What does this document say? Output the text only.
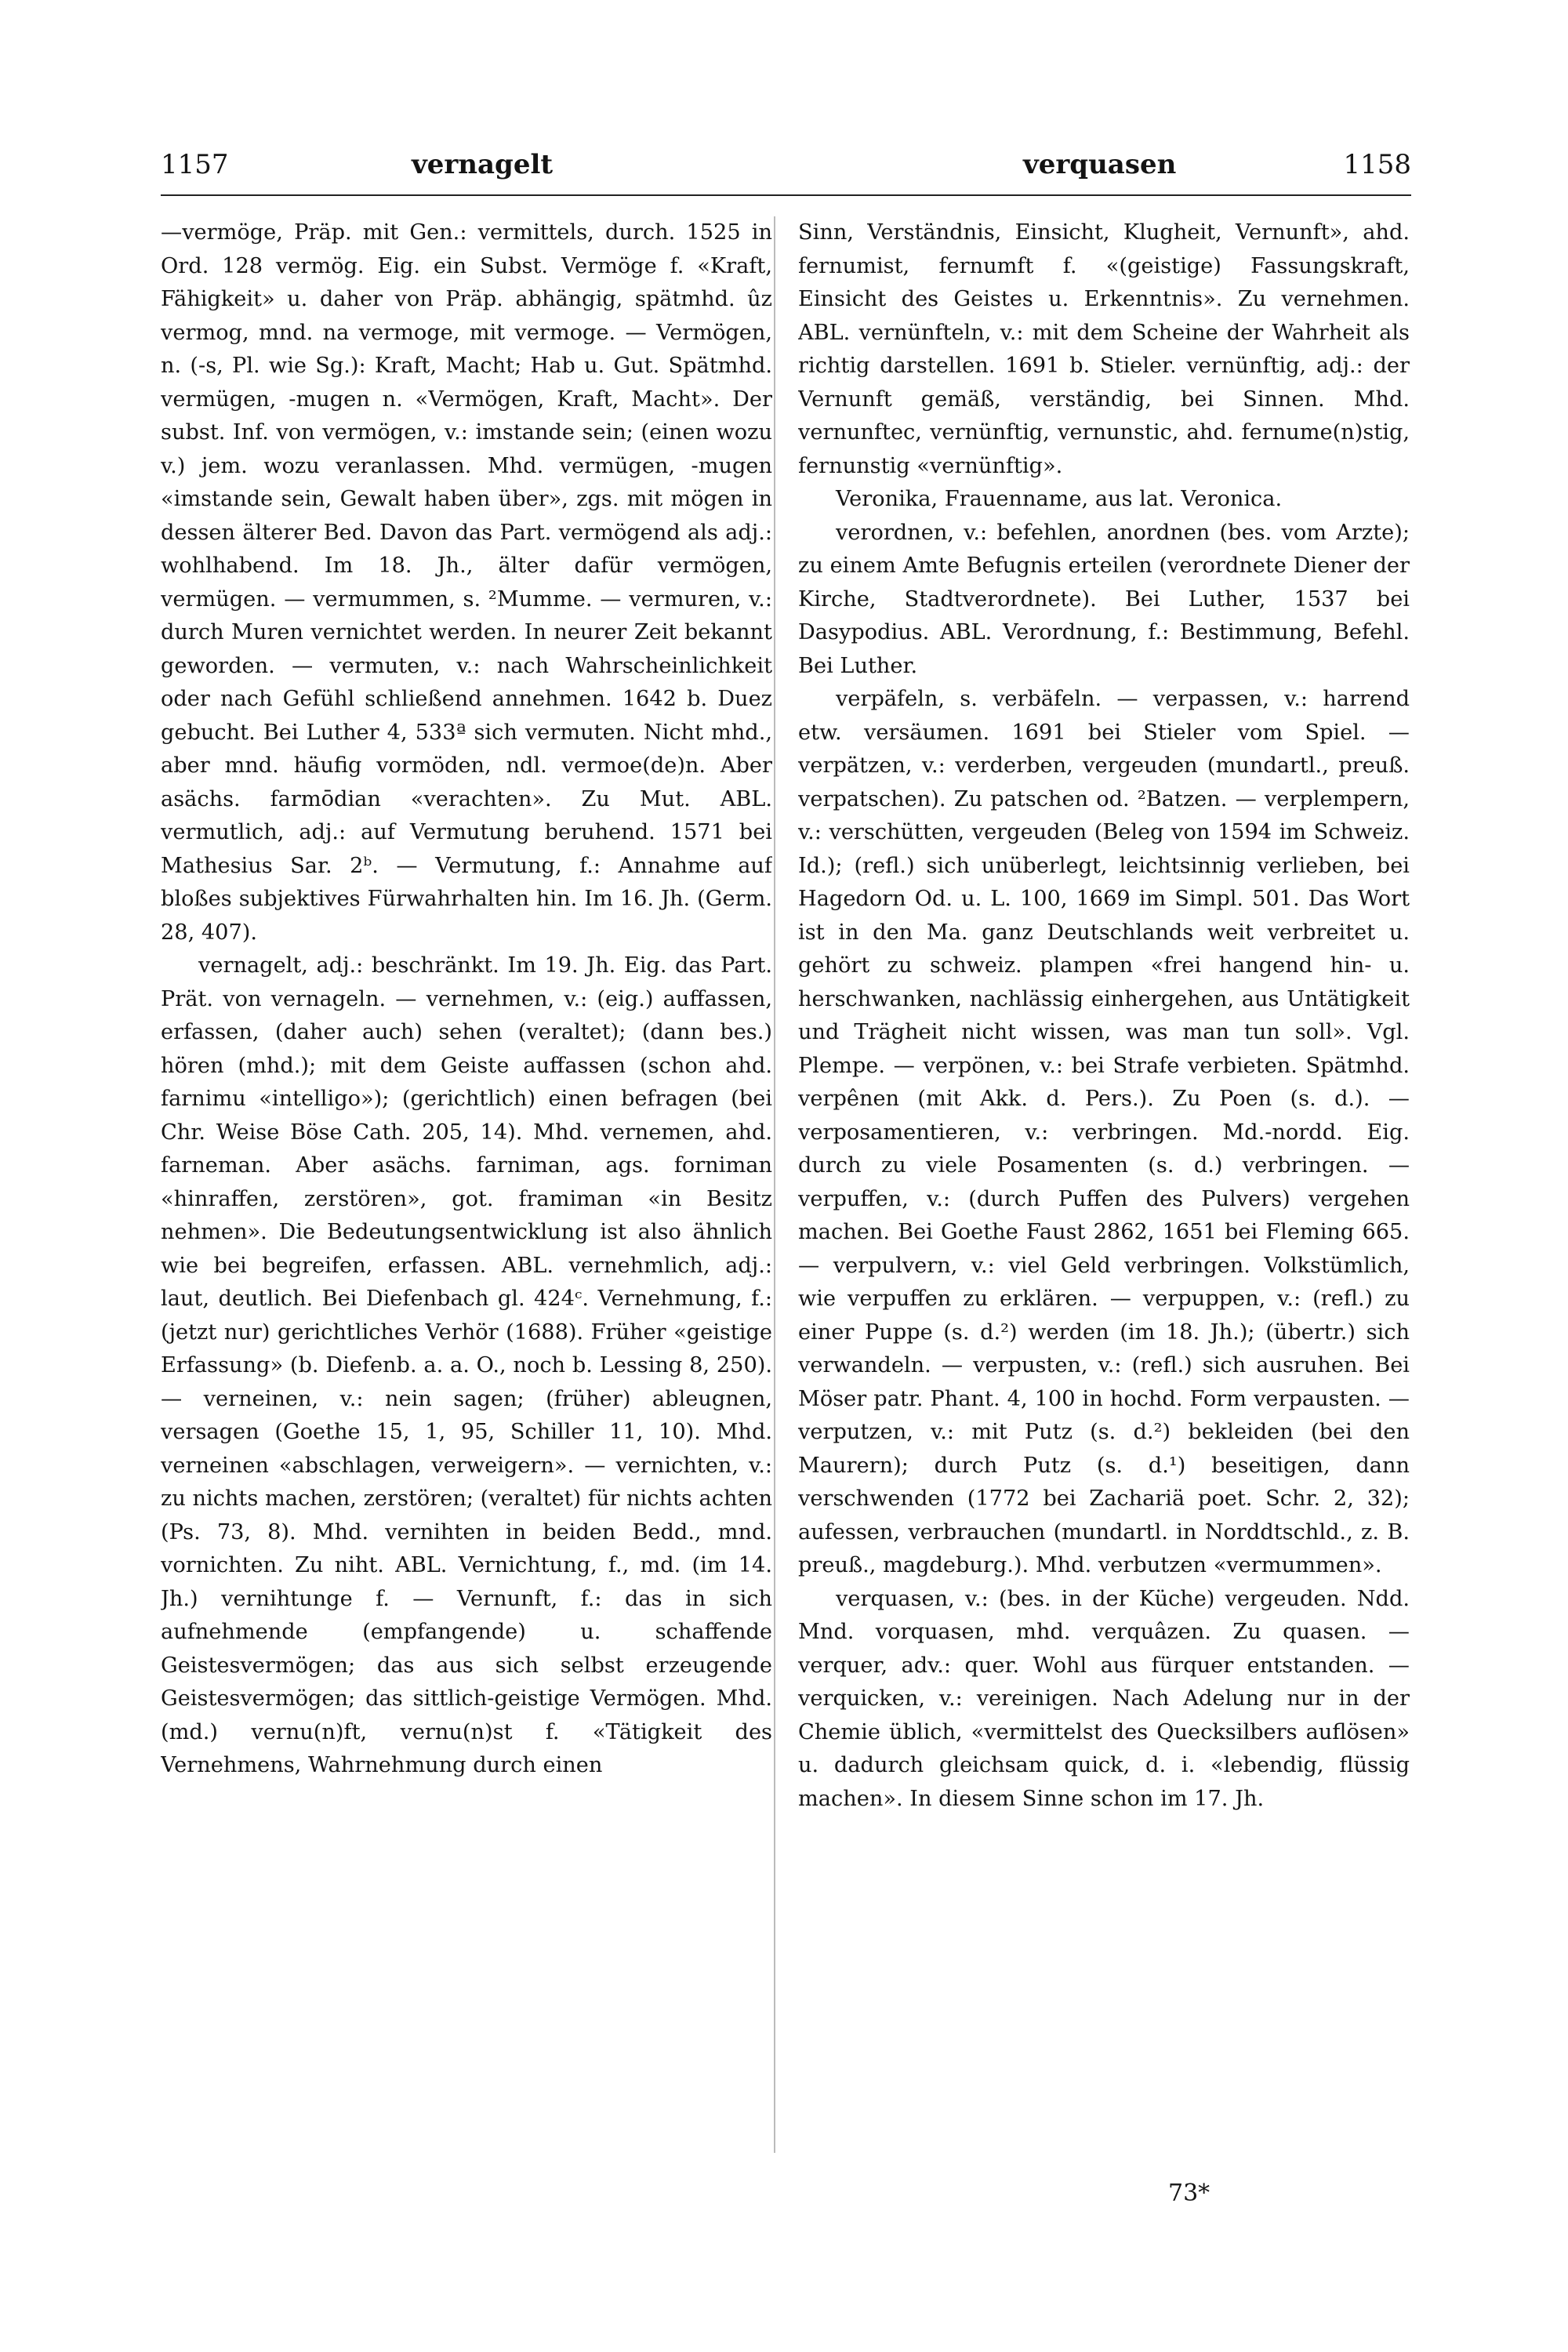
1157	vernagelt	verquasen	1158

—vermöge, Präp. mit Gen.: vermittels, durch. 1525 in Ord. 128 vermög. Eig. ein Subst. Vermöge f. «Kraft, Fähigkeit» u. daher von Präp. abhängig, spätmhd. ûz vermog, mnd. na vermoge, mit vermoge. — Vermögen, n. (-s, Pl. wie Sg.): Kraft, Macht; Hab u. Gut. Spätmhd. vermügen, -mugen n. «Vermögen, Kraft, Macht». Der subst. Inf. von vermögen, v.: imstande sein; (einen wozu v.) jem. wozu veranlassen. Mhd. vermügen, -mugen «imstande sein, Gewalt haben über», zgs. mit mögen in dessen älterer Bed. Davon das Part. vermögend als adj.: wohlhabend. Im 18. Jh., älter dafür vermögen, vermügen. — vermummen, s. ²Mumme. — vermuren, v.: durch Muren vernichtet werden. In neurer Zeit bekannt geworden. — vermuten, v.: nach Wahrscheinlichkeit oder nach Gefühl schließend annehmen. 1642 b. Duez gebucht. Bei Luther 4, 533ª sich vermuten. Nicht mhd., aber mnd. häufig vormöden, ndl. vermoe(de)n. Aber asächs. farmōdian «verachten». Zu Mut. ABL. vermutlich, adj.: auf Vermutung beruhend. 1571 bei Mathesius Sar. 2ᵇ. — Vermutung, f.: Annahme auf bloßes subjektives Fürwahrhalten hin. Im 16. Jh. (Germ. 28, 407).

vernagelt, adj.: beschränkt. Im 19. Jh. Eig. das Part. Prät. von vernageln. — vernehmen, v.: (eig.) auffassen, erfassen, (daher auch) sehen (veraltet); (dann bes.) hören (mhd.); mit dem Geiste auffassen (schon ahd. farnimu «intelligo»); (gerichtlich) einen befragen (bei Chr. Weise Böse Cath. 205, 14). Mhd. vernemen, ahd. farneman. Aber asächs. farniman, ags. forniman «hinraffen, zerstören», got. framiman «in Besitz nehmen». Die Bedeutungsentwicklung ist also ähnlich wie bei begreifen, erfassen. ABL. vernehmlich, adj.: laut, deutlich. Bei Diefenbach gl. 424ᶜ. Vernehmung, f.: (jetzt nur) gerichtliches Verhör (1688). Früher «geistige Erfassung» (b. Diefenb. a. a. O., noch b. Lessing 8, 250). — verneinen, v.: nein sagen; (früher) ableugnen, versagen (Goethe 15, 1, 95, Schiller 11, 10). Mhd. verneinen «abschlagen, verweigern». — vernichten, v.: zu nichts machen, zerstören; (veraltet) für nichts achten (Ps. 73, 8). Mhd. vernihten in beiden Bedd., mnd. vornichten. Zu niht. ABL. Vernichtung, f., md. (im 14. Jh.) vernihtunge f. — Vernunft, f.: das in sich aufnehmende (empfangende) u. schaffende Geistesvermögen; das aus sich selbst erzeugende Geistesvermögen; das sittlich-geistige Vermögen. Mhd. (md.) vernu(n)ft, vernu(n)st f. «Tätigkeit des Vernehmens, Wahrnehmung durch einen

Sinn, Verständnis, Einsicht, Klugheit, Vernunft», ahd. fernumist, fernumft f. «(geistige) Fassungskraft, Einsicht des Geistes u. Erkenntnis». Zu vernehmen. ABL. vernünfteln, v.: mit dem Scheine der Wahrheit als richtig darstellen. 1691 b. Stieler. vernünftig, adj.: der Vernunft gemäß, verständig, bei Sinnen. Mhd. vernunftec, vernünftig, vernunstic, ahd. fernume(n)stig, fernunstig «vernünftig».

Veronika, Frauenname, aus lat. Veronica.

verordnen, v.: befehlen, anordnen (bes. vom Arzte); zu einem Amte Befugnis erteilen (verordnete Diener der Kirche, Stadtverordnete). Bei Luther, 1537 bei Dasypodius. ABL. Verordnung, f.: Bestimmung, Befehl. Bei Luther.

verpäfeln, s. verbäfeln. — verpassen, v.: harrend etw. versäumen. 1691 bei Stieler vom Spiel. — verpätzen, v.: verderben, vergeuden (mundartl., preuß. verpatschen). Zu patschen od. ²Batzen. — verplempern, v.: verschütten, vergeuden (Beleg von 1594 im Schweiz. Id.); (refl.) sich unüberlegt, leichtsinnig verlieben, bei Hagedorn Od. u. L. 100, 1669 im Simpl. 501. Das Wort ist in den Ma. ganz Deutschlands weit verbreitet u. gehört zu schweiz. plampen «frei hangend hin- u. herschwanken, nachlässig einhergehen, aus Untätigkeit und Trägheit nicht wissen, was man tun soll». Vgl. Plempe. — verpönen, v.: bei Strafe verbieten. Spätmhd. verpênen (mit Akk. d. Pers.). Zu Poen (s. d.). — verposamentieren, v.: verbringen. Md.-nordd. Eig. durch zu viele Posamenten (s. d.) verbringen. — verpuffen, v.: (durch Puffen des Pulvers) vergehen machen. Bei Goethe Faust 2862, 1651 bei Fleming 665. — verpulvern, v.: viel Geld verbringen. Volkstümlich, wie verpuffen zu erklären. — verpuppen, v.: (refl.) zu einer Puppe (s. d.²) werden (im 18. Jh.); (übertr.) sich verwandeln. — verpusten, v.: (refl.) sich ausruhen. Bei Möser patr. Phant. 4, 100 in hochd. Form verpausten. — verputzen, v.: mit Putz (s. d.²) bekleiden (bei den Maurern); durch Putz (s. d.¹) beseitigen, dann verschwenden (1772 bei Zachariä poet. Schr. 2, 32); aufessen, verbrauchen (mundartl. in Norddtschld., z. B. preuß., magdeburg.). Mhd. verbutzen «vermummen».

verquasen, v.: (bes. in der Küche) vergeuden. Ndd. Mnd. vorquasen, mhd. verquâzen. Zu quasen. — verquer, adv.: quer. Wohl aus fürquer entstanden. — verquicken, v.: vereinigen. Nach Adelung nur in der Chemie üblich, «vermittelst des Quecksilbers auflösen» u. dadurch gleichsam quick, d. i. «lebendig, flüssig machen». In diesem Sinne schon im 17. Jh.

73*
